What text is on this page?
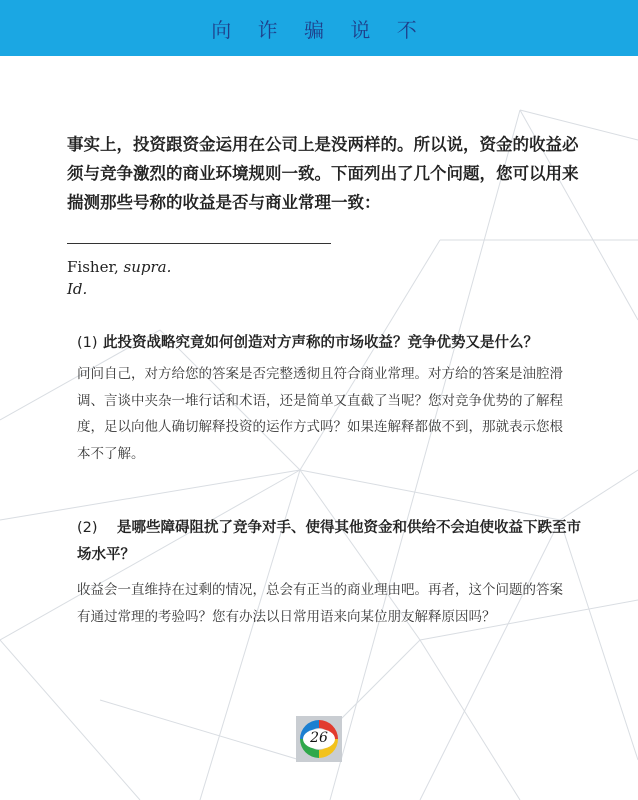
向 诈 骗 说 不

事实上，投资跟资金运用在公司上是没两样的。所以说，资金的收益必须与竞争激烈的商业环境规则一致。下面列出了几个问题，您可以用来揣测那些号称的收益是否与商业常理一致：

Fisher, supra.
Id.
(1) 此投资战略究竟如何创造对方声称的市场收益？竞争优势又是什么？
问问自己，对方给您的答案是否完整透彻且符合商业常理。对方给的答案是油腔滑调、言谈中夹杂一堆行话和术语，还是简单又直截了当呢？您对竞争优势的了解程度，足以向他人确切解释投资的运作方式吗？如果连解释都做不到，那就表示您根本不了解。
(2) 是哪些障碍阻扰了竞争对手、使得其他资金和供给不会迫使收益下跌至市场水平？
收益会一直维持在过剩的情况，总会有正当的商业理由吧。再者，这个问题的答案有通过常理的考验吗？您有办法以日常用语来向某位朋友解释原因吗？
26
